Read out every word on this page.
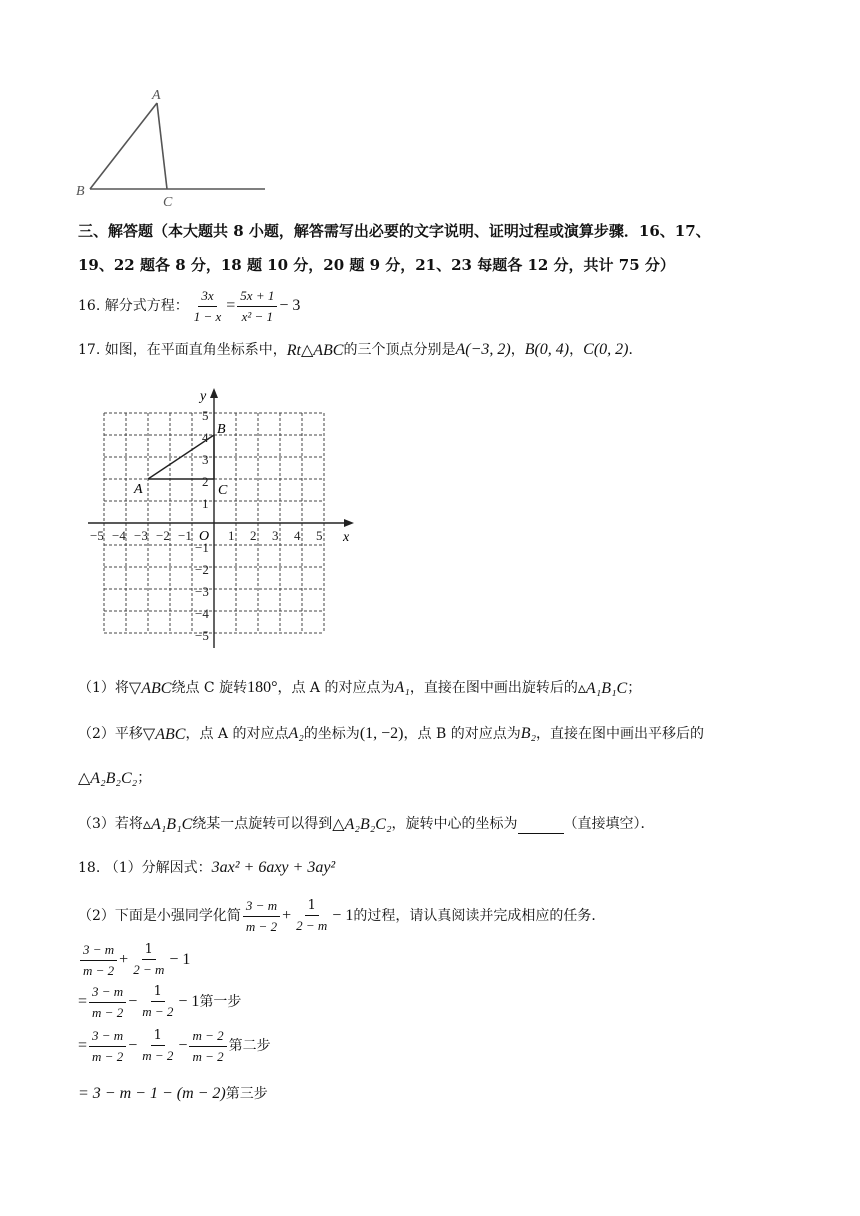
A
B
C
三、解答题（本大题共 8 小题，解答需写出必要的文字说明、证明过程或演算步骤．16、17、
19、22 题各 8 分，18 题 10 分，20 题 9 分，21、23 每题各 12 分，共计 75 分）
16. 解分式方程： $\frac{3x}{1 - x} = \frac{5x + 1}{\text{x² − 1}} - 3$
17. 如图，在平面直角坐标系中， Rt△ABC 的三个顶点分别是 A(−3, 2) ， B(0, 4) ， C(0, 2) ．
x
y
O
−5 −4 −3 −2 −1	1 2 3 4 5
5
4
3
2
1
−1
−2
−3
−4
−5
A
B
C
（1）将 ▽ABC 绕点 C 旋转 180° ，点 A 的对应点为 A₁ ，直接在图中画出旋转后的 ▵A₁B₁C ；
（2）平移 ▽ABC ，点 A 的对应点 A₂ 的坐标为 (1, −2) ，点 B 的对应点为 B₂ ，直接在图中画出平移后的
△A₂B₂C₂ ；
（3）若将 ▵A₁B₁C 绕某一点旋转可以得到 △A₂B₂C₂ ，旋转中心的坐标为
	（直接填空）．
18. （1）分解因式： 3ax² + 6axy + 3ay²
（2）下面是小强同学化简 $\frac{3 - m}{m - 2} + \frac{1}{2 - m} - 1$ 的过程，请认真阅读并完成相应的任务．
$\frac{3 - m}{m - 2} + \frac{1}{2 - m} - 1$
= $\frac{3 - m}{m - 2} - \frac{1}{m - 2} - 1$ 第一步
= $\frac{3 - m}{m - 2} - \frac{1}{m - 2} - \frac{m - 2}{m - 2}$ 第二步
= 3 − m − 1 − (m − 2) 第三步
